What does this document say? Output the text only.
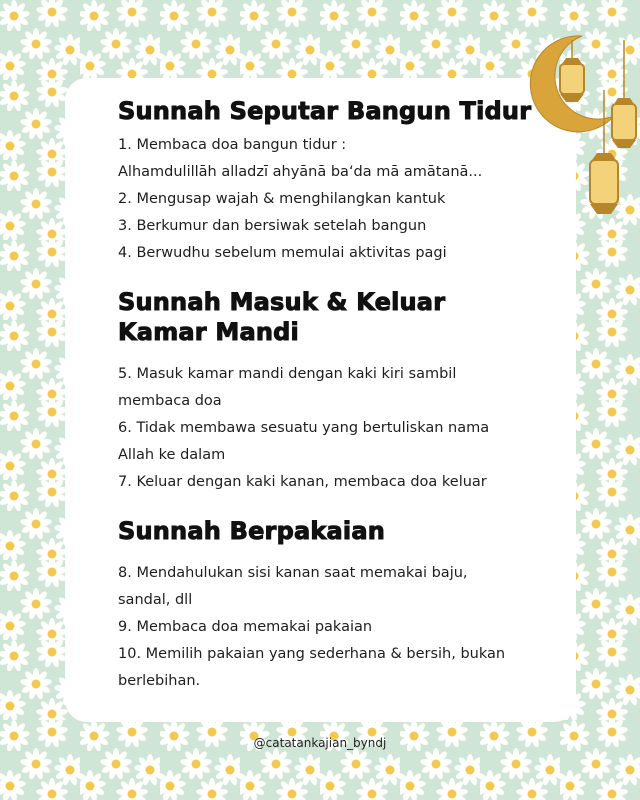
Sunnah Seputar Bangun Tidur
1. Membaca doa bangun tidur :
Alhamdulillāh alladzī ahyānā ba‘da mā amātanā...
2. Mengusap wajah & menghilangkan kantuk
3. Berkumur dan bersiwak setelah bangun
4. Berwudhu sebelum memulai aktivitas pagi
Sunnah Masuk & Keluar
Kamar Mandi
5. Masuk kamar mandi dengan kaki kiri sambil
membaca doa
6. Tidak membawa sesuatu yang bertuliskan nama
Allah ke dalam
7. Keluar dengan kaki kanan, membaca doa keluar
Sunnah Berpakaian
8. Mendahulukan sisi kanan saat memakai baju,
sandal, dll
9. Membaca doa memakai pakaian
10. Memilih pakaian yang sederhana & bersih, bukan
berlebihan.
@catatankajian_byndj
